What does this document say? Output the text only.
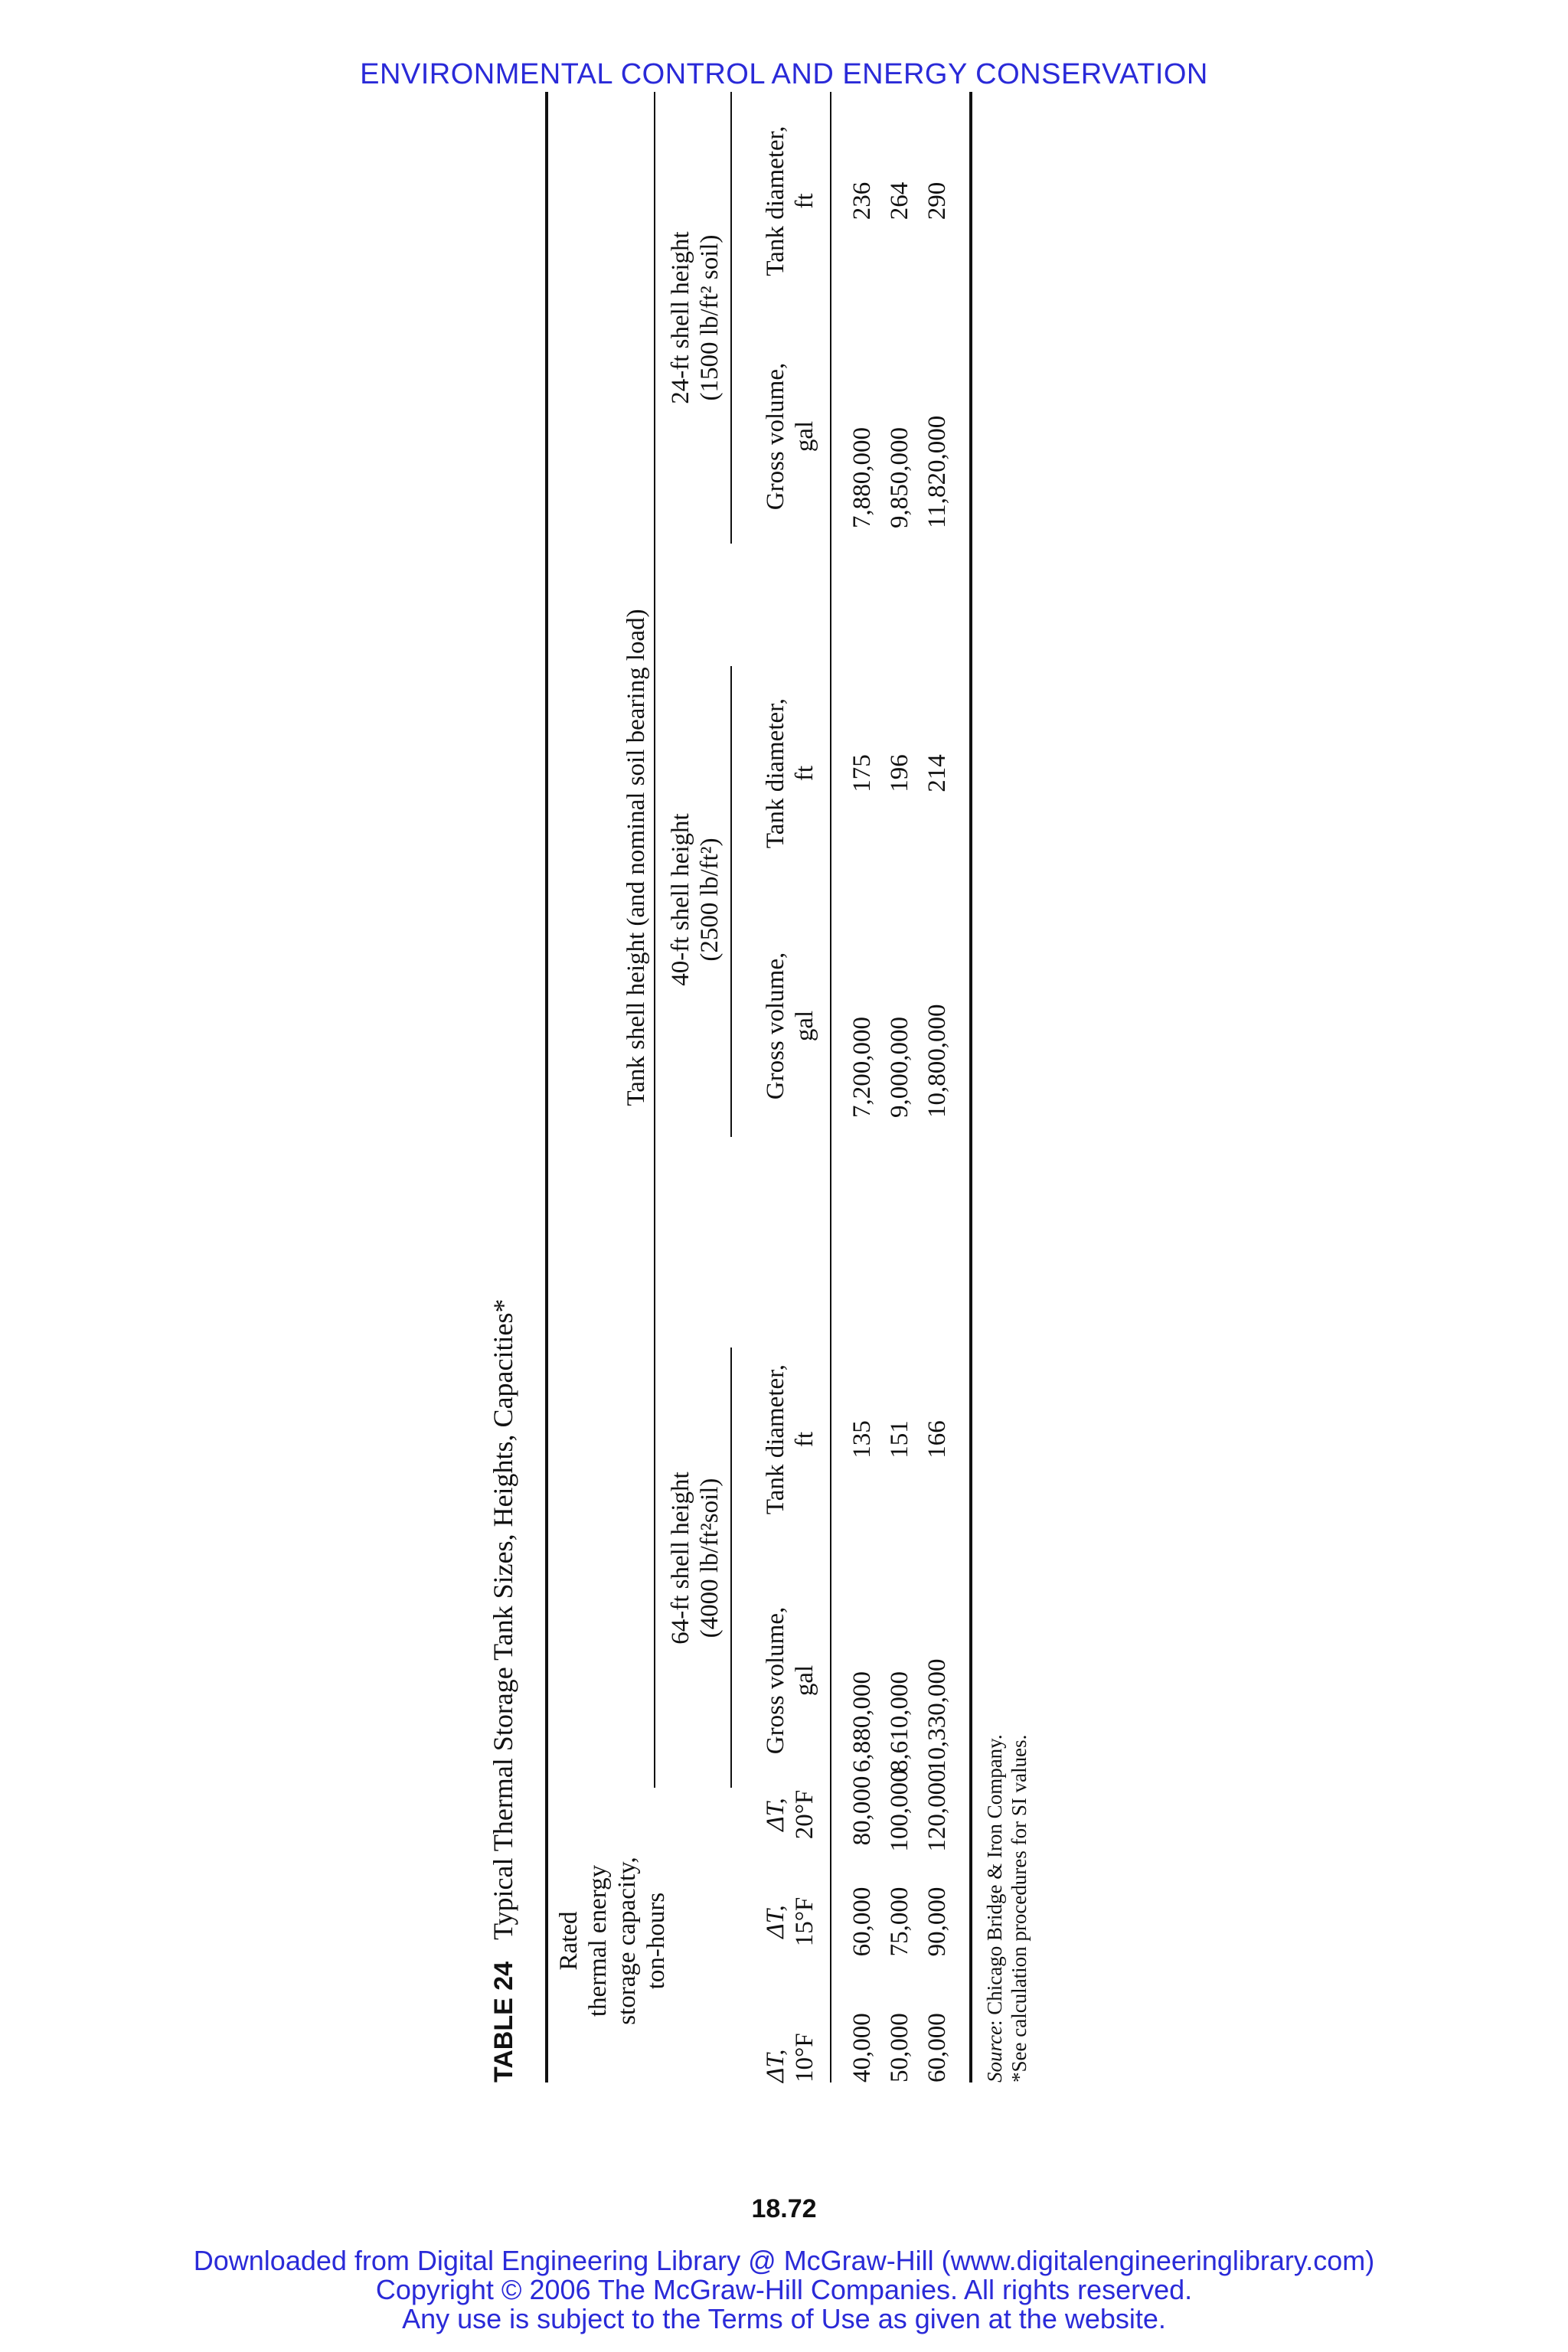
ENVIRONMENTAL CONTROL AND ENERGY CONSERVATION
TABLE 24Typical Thermal Storage Tank Sizes, Heights, Capacities*
Rated thermal energy storage capacity, ton-hours
Tank shell height (and nominal soil bearing load)
64-ft shell height (4000 lb/ft²soil)
40-ft shell height (2500 lb/ft²)
24-ft shell height (1500 lb/ft² soil)
ΔT, 10°F
ΔT, 15°F
ΔT, 20°F
Gross volume, gal
Tank diameter, ft
Gross volume, gal
Tank diameter, ft
Gross volume, gal
Tank diameter, ft
40,000 50,000 60,000
60,000 75,000 90,000
80,000 100,000 120,000
6,880,000 8,610,000 10,330,000
135 151 166
7,200,000 9,000,000 10,800,000
175 196 214
7,880,000 9,850,000 11,820,000
236 264 290
Source: Chicago Bridge & Iron Company. *See calculation procedures for SI values.
18.72
Downloaded from Digital Engineering Library @ McGraw-Hill (www.digitalengineeringlibrary.com)
Copyright © 2006 The McGraw-Hill Companies. All rights reserved.
Any use is subject to the Terms of Use as given at the website.
